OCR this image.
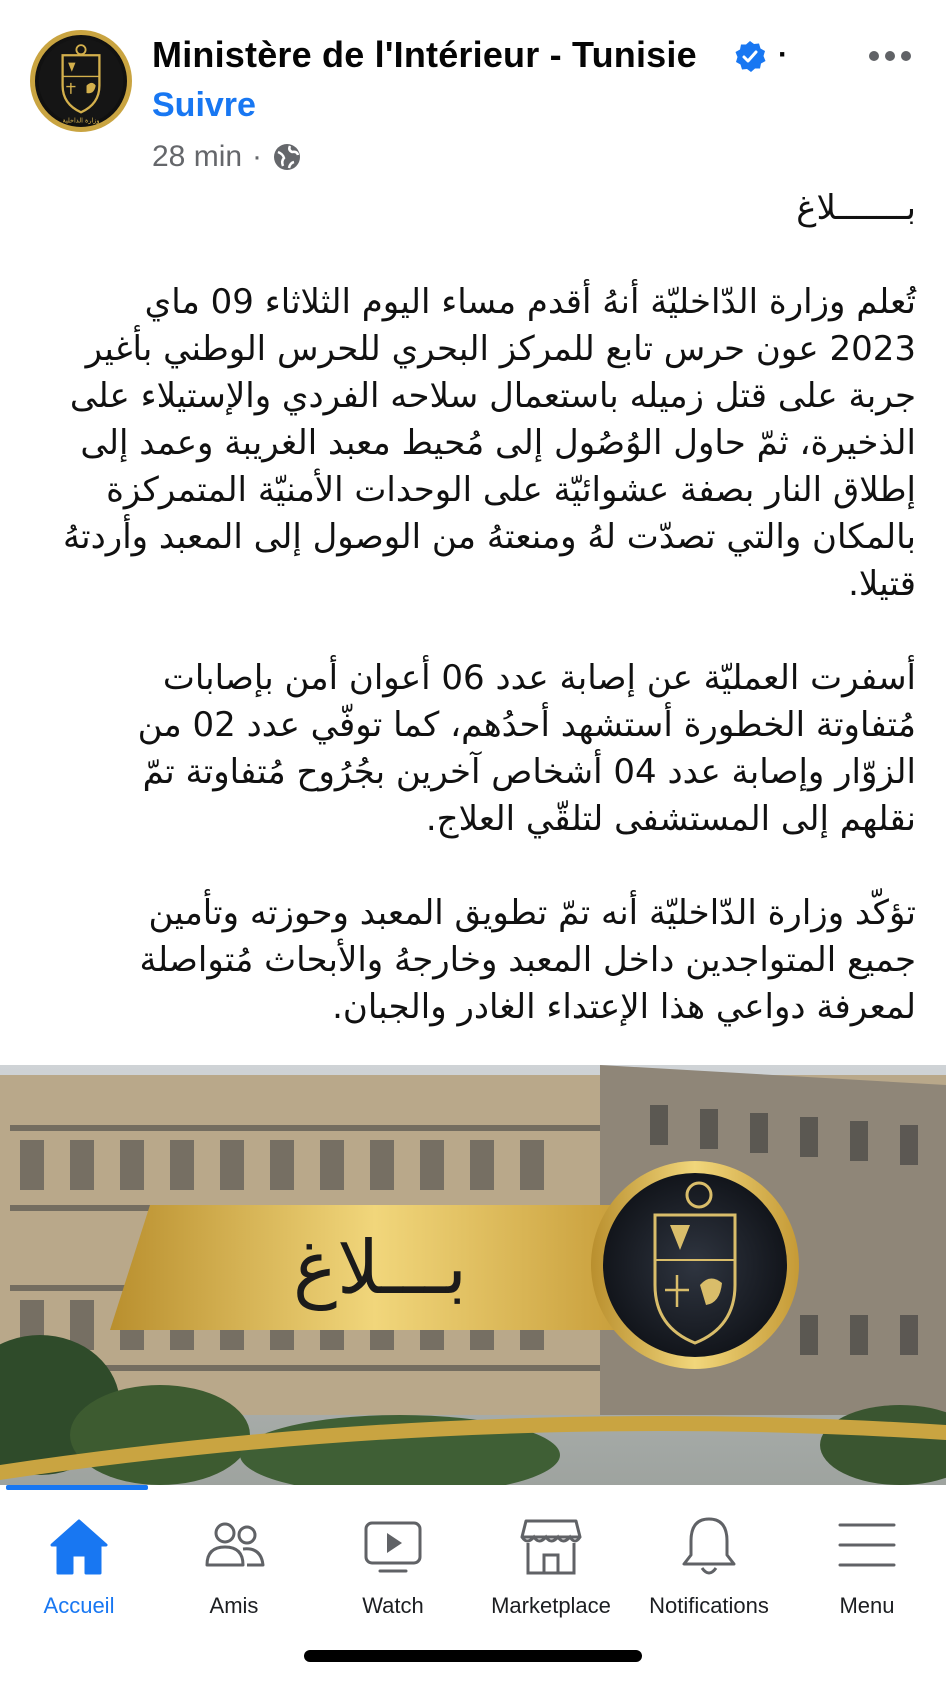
وزارة الداخلية
Ministère de l'Intérieur - Tunisie	·
Suivre
28 min ·

بـــــــلاغ

تُعلم وزارة الدّاخليّة أنهُ أقدم مساء اليوم الثلاثاء 09 ماي
2023 عون حرس تابع للمركز البحري للحرس الوطني بأغير
جربة على قتل زميله باستعمال سلاحه الفردي والإستيلاء على
الذخيرة، ثمّ حاول الوُصُول إلى مُحيط معبد الغريبة وعمد إلى
إطلاق النار بصفة عشوائيّة على الوحدات الأمنيّة المتمركزة
بالمكان والتي تصدّت لهُ ومنعتهُ من الوصول إلى المعبد وأردتهُ
قتيلا.

أسفرت العمليّة عن إصابة عدد 06 أعوان أمن بإصابات
مُتفاوتة الخطورة أستشهد أحدُهم، كما توفّي عدد 02 من
الزوّار وإصابة عدد 04 أشخاص آخرين بجُرُوح مُتفاوتة تمّ
نقلهم إلى المستشفى لتلقّي العلاج.

تؤكّد وزارة الدّاخليّة أنه تمّ تطويق المعبد وحوزته وتأمين
جميع المتواجدين داخل المعبد وخارجهُ والأبحاث مُتواصلة
لمعرفة دواعي هذا الإعتداء الغادر والجبان.

بـــلاغ
Accueil	Amis	Watch	Marketplace	Notifications	Menu
